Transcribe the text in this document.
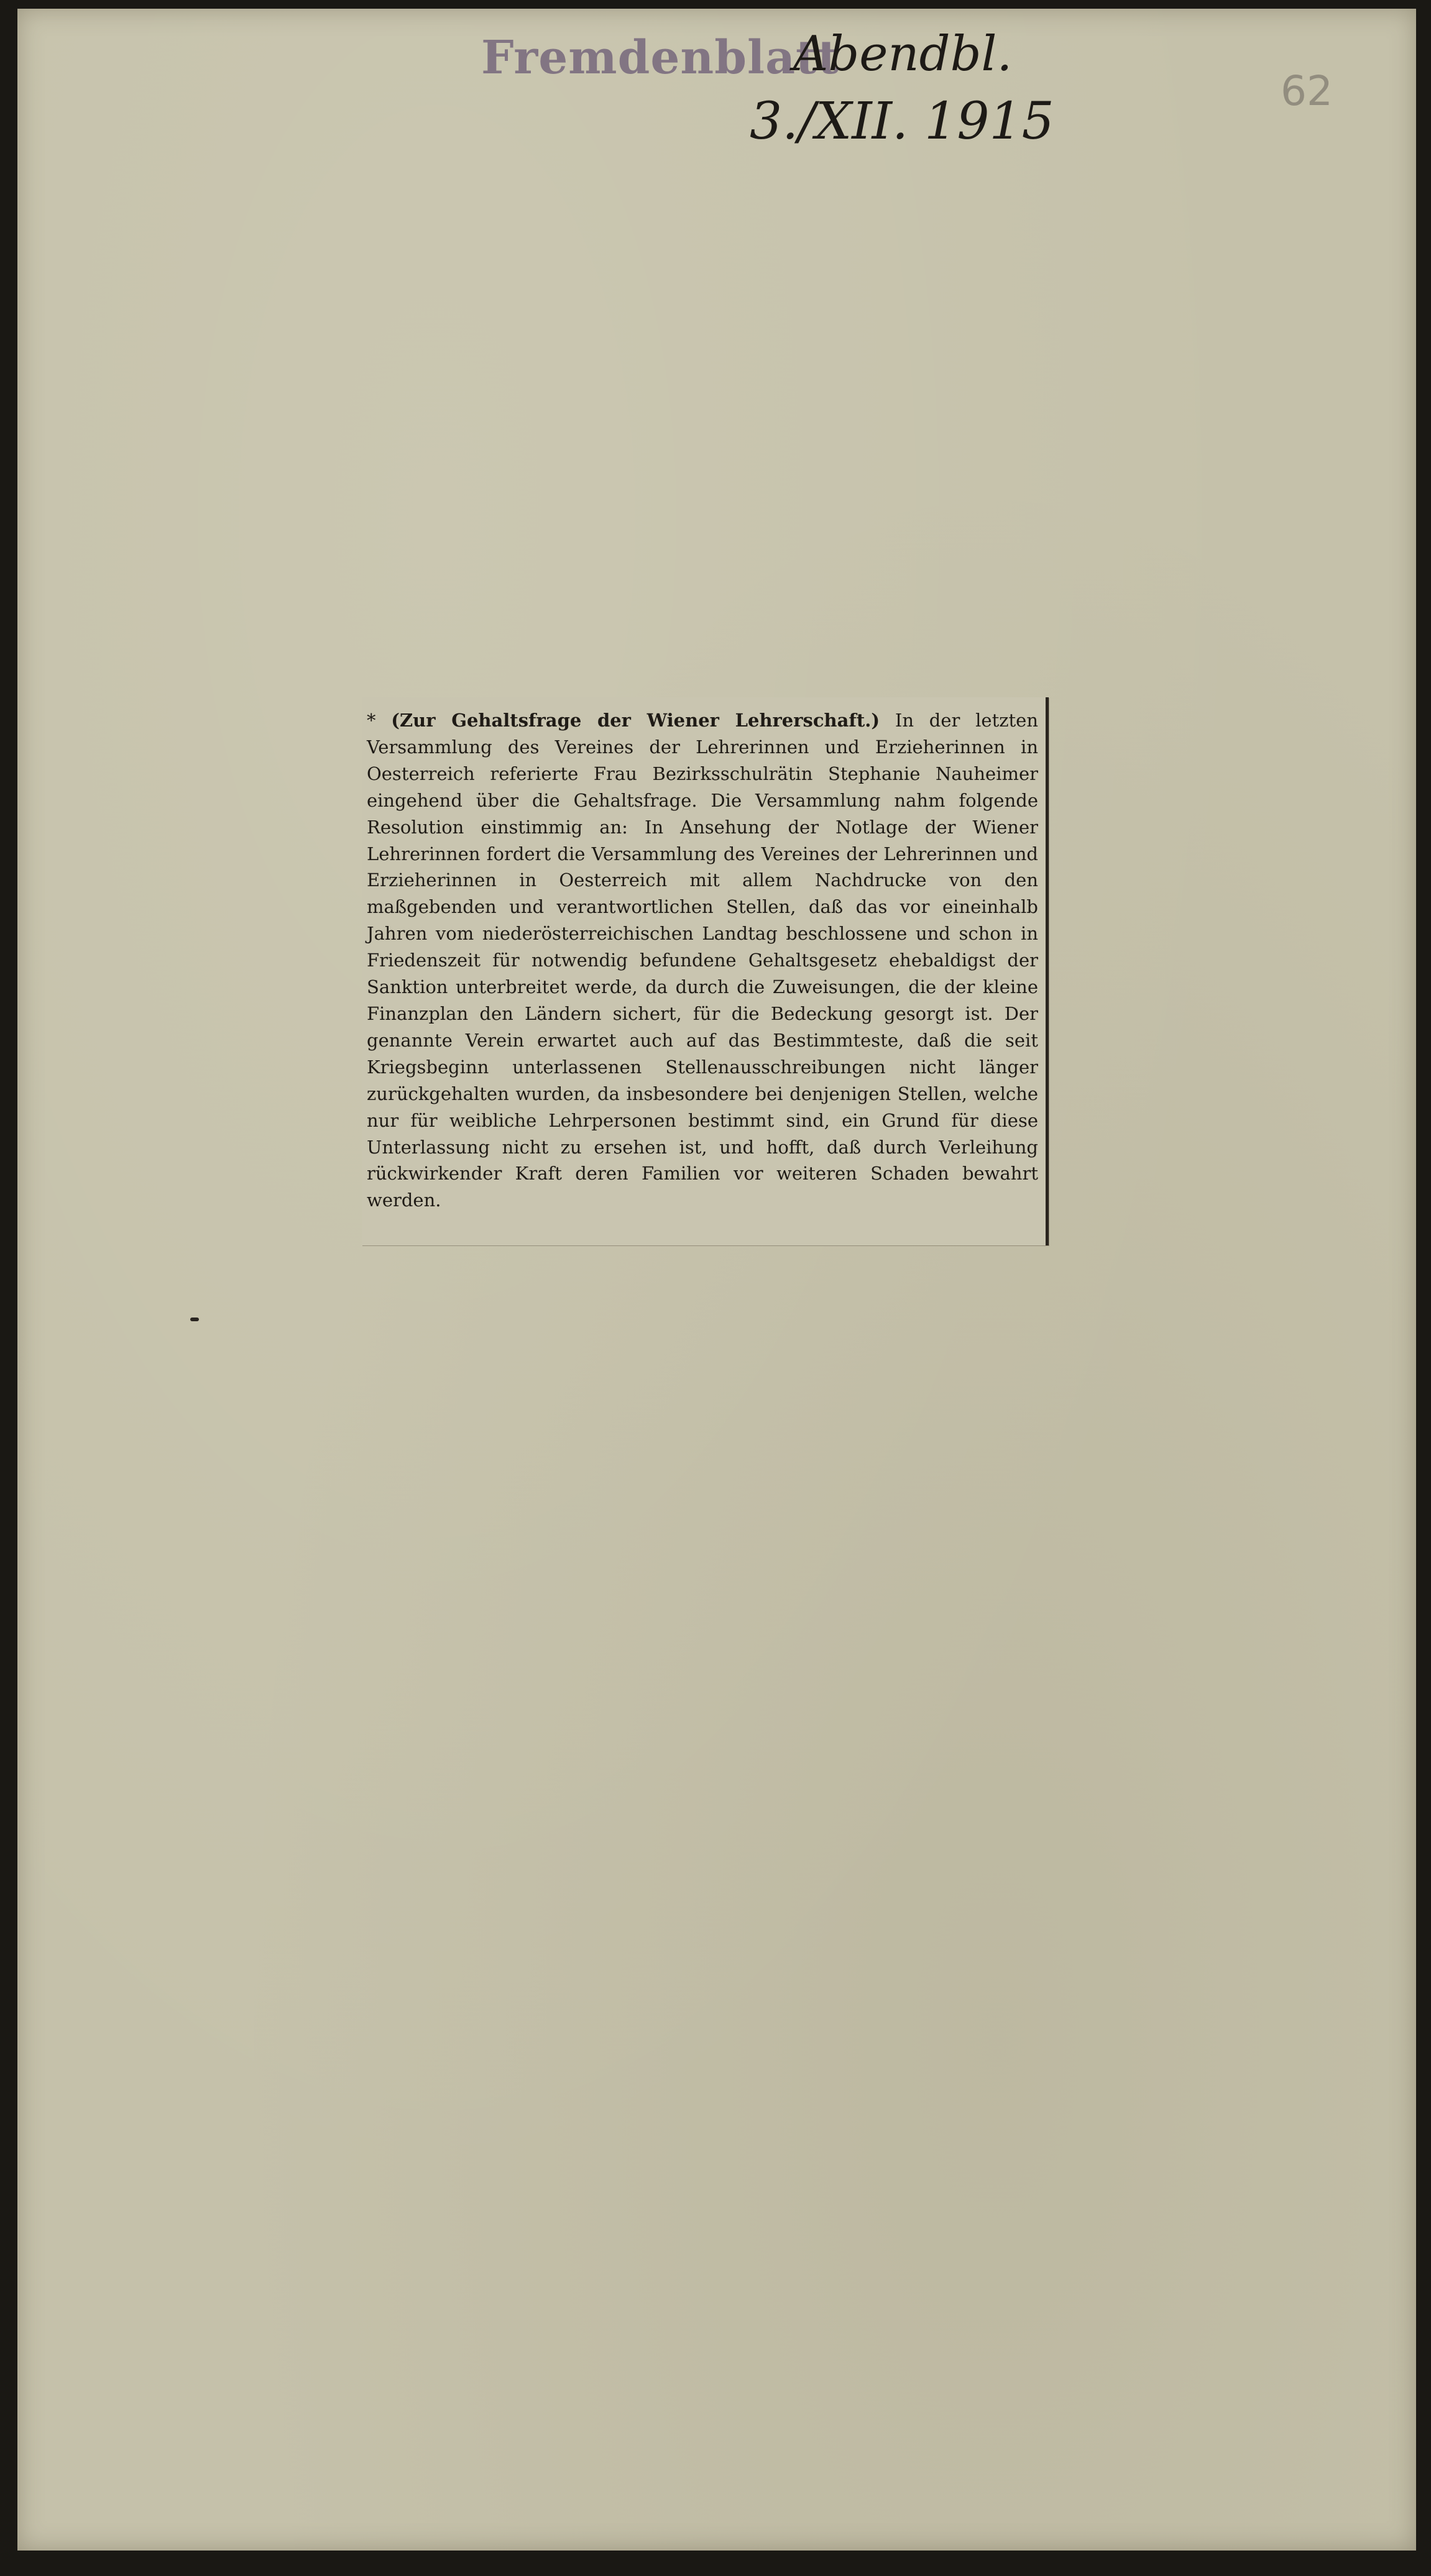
Fremdenblatt
Abendbl.
3./XII. 1915
62

* (Zur Gehaltsfrage der Wiener Lehrerschaft.) In der letzten Versammlung des Vereines der Lehrerinnen und Erzieherinnen in Oesterreich referierte Frau Bezirksschulrätin Stephanie Nauheimer eingehend über die Gehaltsfrage. Die Versammlung nahm folgende Resolution einstimmig an: In Ansehung der Notlage der Wiener Lehrerinnen fordert die Versammlung des Vereines der Lehrerinnen und Erzieherinnen in Oesterreich mit allem Nachdrucke von den maßgebenden und verantwortlichen Stellen, daß das vor eineinhalb Jahren vom niederösterreichischen Landtag beschlossene und schon in Friedenszeit für notwendig befundene Gehaltsgesetz ehebaldigst der Sanktion unterbreitet werde, da durch die Zuweisungen, die der kleine Finanzplan den Ländern sichert, für die Bedeckung gesorgt ist. Der genannte Verein erwartet auch auf das Bestimmteste, daß die seit Kriegsbeginn unterlassenen Stellenausschreibungen nicht länger zurückgehalten wurden, da insbesondere bei denjenigen Stellen, welche nur für weibliche Lehrpersonen bestimmt sind, ein Grund für diese Unterlassung nicht zu ersehen ist, und hofft, daß durch Verleihung rückwirkender Kraft deren Familien vor weiteren Schaden bewahrt werden.
